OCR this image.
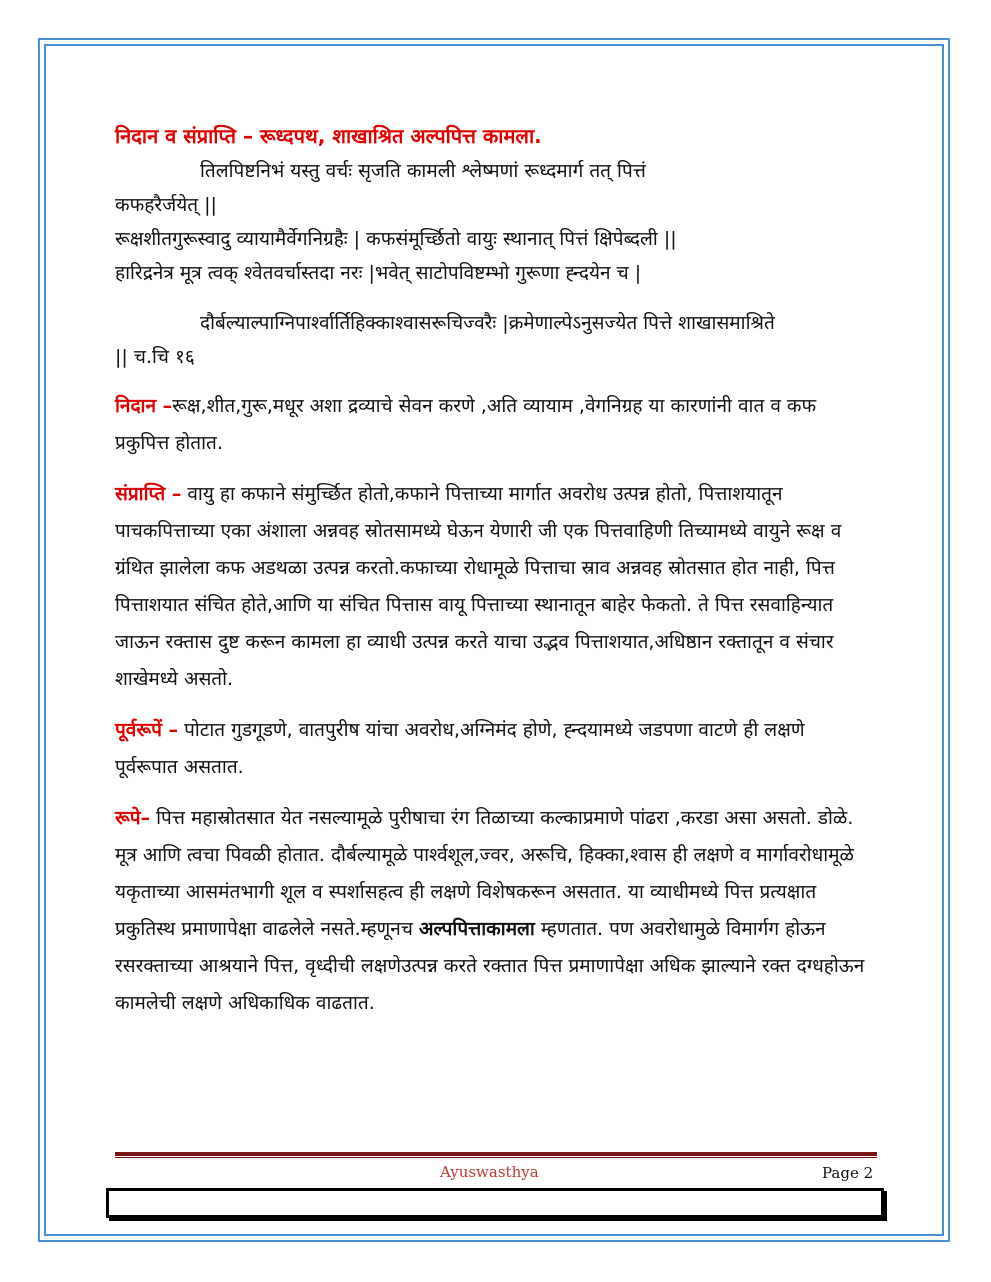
निदान व संप्राप्ति – रूध्दपथ, शाखाश्रित अल्पपित्त कामला.

तिलपिष्टनिभं यस्तु वर्चः सृजति कामली श्लेष्मणां रूध्दमार्ग तत् पित्तं

कफहरैर्जयेत् ||

रूक्षशीतगुरूस्वादु व्यायामैर्वेगनिग्रहैः | कफसंमूर्च्छितो वायुः स्थानात् पित्तं क्षिपेब्दली ||

हारिद्रनेत्र मूत्र त्वक् श्वेतवर्चास्तदा नरः |भवेत् साटोपविष्टम्भो गुरूणा ह्न्दयेन च |

दौर्बल्याल्पाग्निपार्श्वार्तिहिक्काश्वासरूचिज्वरैः |क्रमेणाल्पेऽनुसज्येत पित्ते शाखासमाश्रिते

|| च.चि १६

निदान –रूक्ष,शीत,गुरू,मधूर अशा द्रव्याचे सेवन करणे ,अति व्यायाम ,वेगनिग्रह या कारणांनी वात व कफ प्रकुपित्त होतात.

संप्राप्ति – वायु हा कफाने संमुर्च्छित होतो,कफाने पित्ताच्या मार्गात अवरोध उत्पन्न होतो, पित्ताशयातून पाचकपित्ताच्या एका अंशाला अन्नवह स्रोतसामध्ये घेऊन येणारी जी एक पित्तवाहिणी तिच्यामध्ये वायुने रूक्ष व ग्रंथित झालेला कफ अडथळा उत्पन्न करतो.कफाच्या रोधामूळे पित्ताचा स्राव अन्नवह स्रोतसात होत नाही, पित्त पित्ताशयात संचित होते,आणि या संचित पित्तास वायू पित्ताच्या स्थानातून बाहेर फेकतो. ते पित्त रसवाहिन्यात जाऊन रक्तास दुष्ट करून कामला हा व्याधी उत्पन्न करते याचा उद्भव पित्ताशयात,अधिष्ठान रक्तातून व संचार शाखेमध्ये असतो.

पूर्वरूपें – पोटात गुडगूडणे, वातपुरीष यांचा अवरोध,अग्निमंद होणे, ह्न्दयामध्ये जडपणा वाटणे ही लक्षणे पूर्वरूपात असतात.

रूपे– पित्त महास्रोतसात येत नसल्यामूळे पुरीषाचा रंग तिळाच्या कल्काप्रमाणे पांढरा ,करडा असा असतो. डोळे. मूत्र आणि त्वचा पिवळी होतात. दौर्बल्यामूळे पार्श्वशूल,ज्वर, अरूचि, हिक्का,श्वास ही लक्षणे व मार्गावरोधामूळे यकृताच्या आसमंतभागी शूल व स्पर्शासहत्व ही लक्षणे विशेषकरून असतात. या व्याधीमध्ये पित्त प्रत्यक्षात प्रकुतिस्थ प्रमाणापेक्षा वाढलेले नसते.म्हणूनच अल्पपित्ताकामला म्हणतात. पण अवरोधामुळे विमार्गग होऊन रसरक्ताच्या आश्रयाने पित्त, वृध्दीची लक्षणेउत्पन्न करते रक्तात पित्त प्रमाणापेक्षा अधिक झाल्याने रक्त दग्धहोऊन कामलेची लक्षणे अधिकाधिक वाढतात.

Ayuswasthya	Page 2
